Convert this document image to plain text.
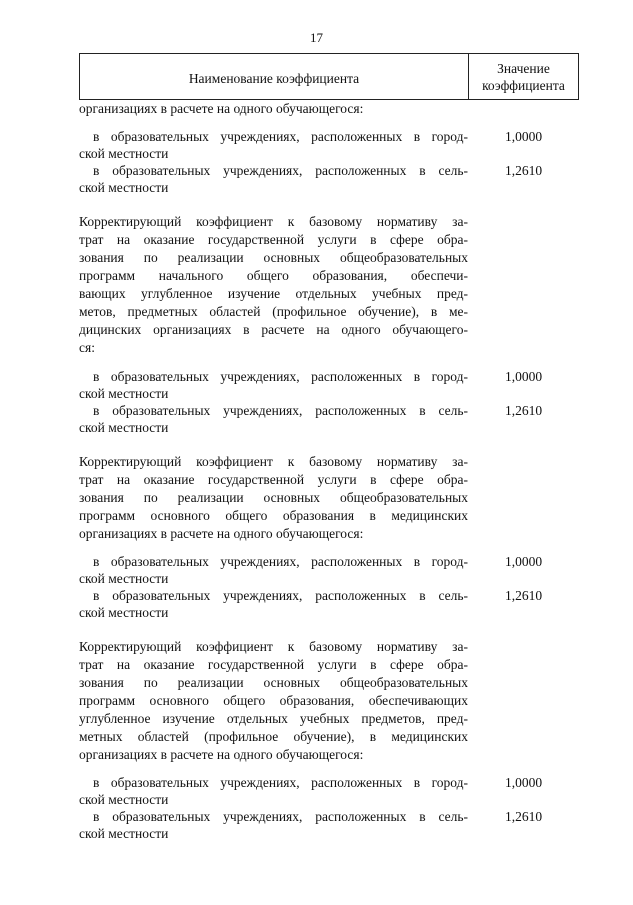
17
Наименование коэффициента
Значение
коэффициента
организациях в расчете на одного обучающегося:
в образовательных учреждениях, расположенных в город-
ской местности
1,0000
в образовательных учреждениях, расположенных в сель-
ской местности
1,2610
Корректирующий коэффициент к базовому нормативу за-
трат на оказание государственной услуги в сфере обра-
зования по реализации основных общеобразовательных
программ начального общего образования, обеспечи-
вающих углубленное изучение отдельных учебных пред-
метов, предметных областей (профильное обучение), в ме-
дицинских организациях в расчете на одного обучающего-
ся:
в образовательных учреждениях, расположенных в город-
ской местности
1,0000
в образовательных учреждениях, расположенных в сель-
ской местности
1,2610
Корректирующий коэффициент к базовому нормативу за-
трат на оказание государственной услуги в сфере обра-
зования по реализации основных общеобразовательных
программ основного общего образования в медицинских
организациях в расчете на одного обучающегося:
в образовательных учреждениях, расположенных в город-
ской местности
1,0000
в образовательных учреждениях, расположенных в сель-
ской местности
1,2610
Корректирующий коэффициент к базовому нормативу за-
трат на оказание государственной услуги в сфере обра-
зования по реализации основных общеобразовательных
программ основного общего образования, обеспечивающих
углубленное изучение отдельных учебных предметов, пред-
метных областей (профильное обучение), в медицинских
организациях в расчете на одного обучающегося:
в образовательных учреждениях, расположенных в город-
ской местности
1,0000
в образовательных учреждениях, расположенных в сель-
ской местности
1,2610
